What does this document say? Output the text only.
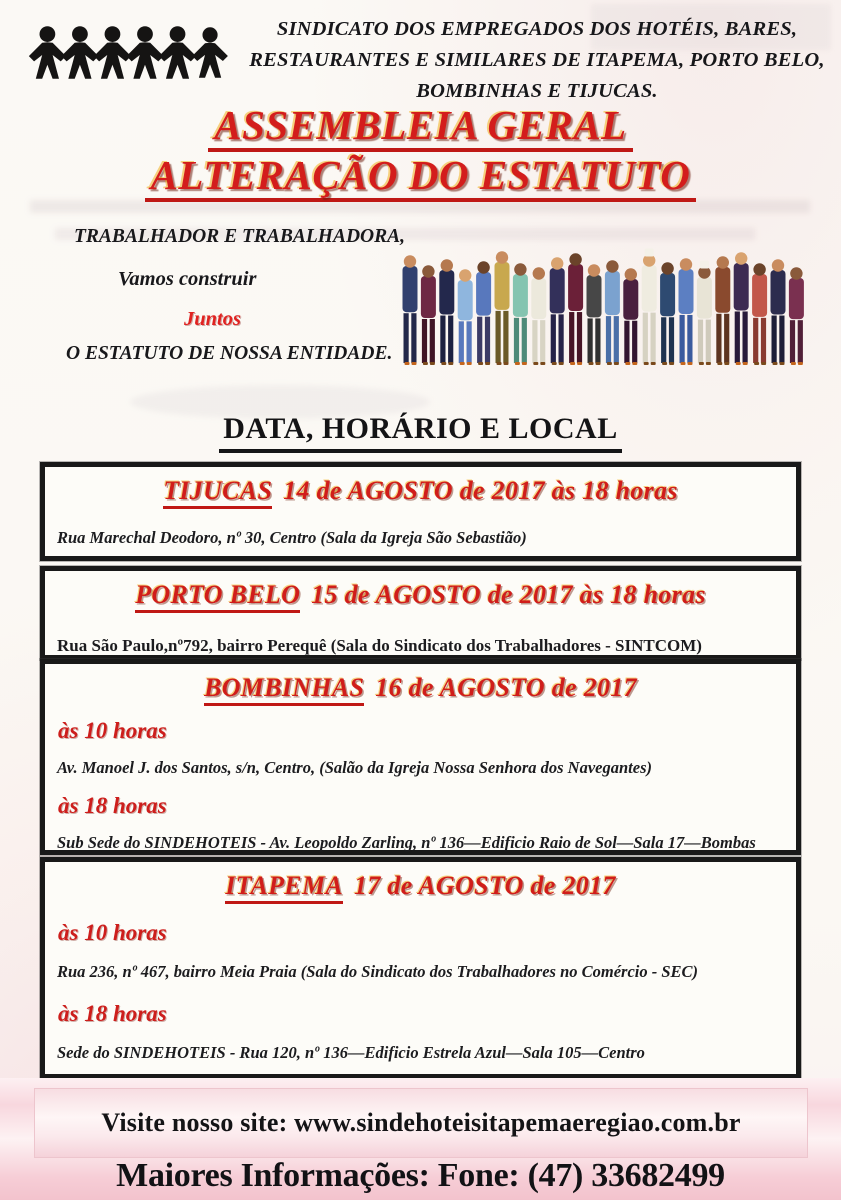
SINDICATO DOS EMPREGADOS DOS HOTÉIS, BARES,
RESTAURANTES E SIMILARES DE ITAPEMA, PORTO BELO,
BOMBINHAS E TIJUCAS.
ASSEMBLEIA GERAL
ALTERAÇÃO DO ESTATUTO
TRABALHADOR E TRABALHADORA,
Vamos construir
Juntos
O ESTATUTO DE NOSSA ENTIDADE.
DATA, HORÁRIO E LOCAL
TIJUCAS 14 de AGOSTO de 2017 às 18 horas

Rua Marechal Deodoro, nº 30, Centro (Sala da Igreja São Sebastião)

PORTO BELO 15 de AGOSTO de 2017 às 18 horas

Rua São Paulo,nº792, bairro Perequê (Sala do Sindicato dos Trabalhadores - SINTCOM)

BOMBINHAS 16 de AGOSTO de 2017

às 10 horas

Av. Manoel J. dos Santos, s/n, Centro, (Salão da Igreja Nossa Senhora dos Navegantes)

às 18 horas

Sub Sede do SINDEHOTEIS - Av. Leopoldo Zarling, nº 136—Edificio Raio de Sol—Sala 17—Bombas

ITAPEMA 17 de AGOSTO de 2017

às 10 horas

Rua 236, nº 467, bairro Meia Praia (Sala do Sindicato dos Trabalhadores no Comércio - SEC)

às 18 horas

Sede do SINDEHOTEIS - Rua 120, nº 136—Edificio Estrela Azul—Sala 105—Centro

Visite nosso site: www.sindehoteisitapemaeregiao.com.br
Maiores Informações: Fone: (47) 33682499
